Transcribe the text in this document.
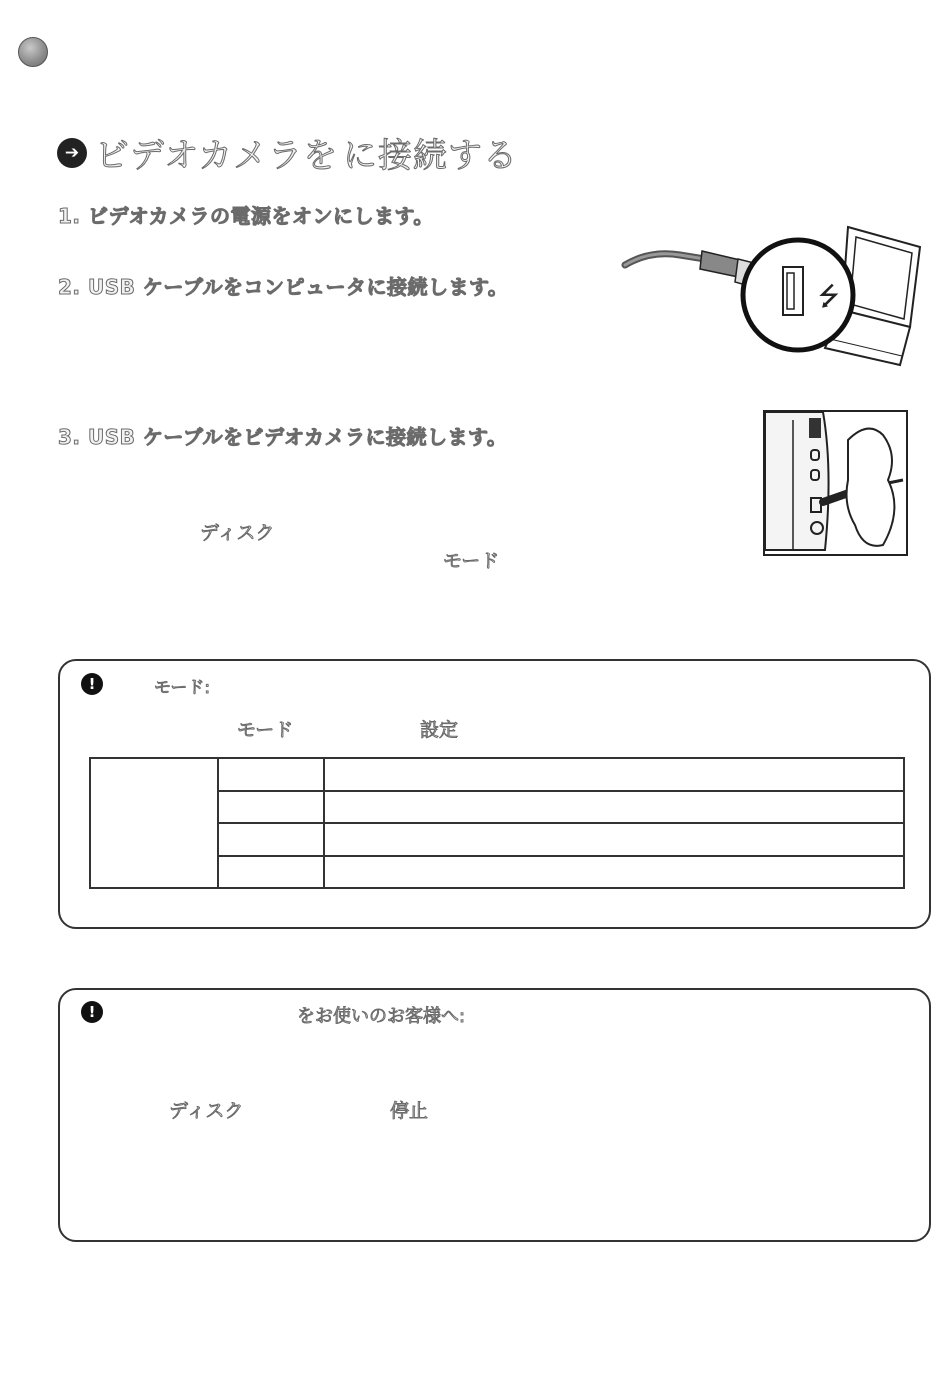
➔ ビデオカメラを に接続する
1. ビデオカメラの電源をオンにします。
2. USB ケーブルをコンピュータに接続します。
3. USB ケーブルをビデオカメラに接続します。
ディスク
モード
⭍
!	モード:
モード	設定

!	をお使いのお客様へ:
ディスク	停止
